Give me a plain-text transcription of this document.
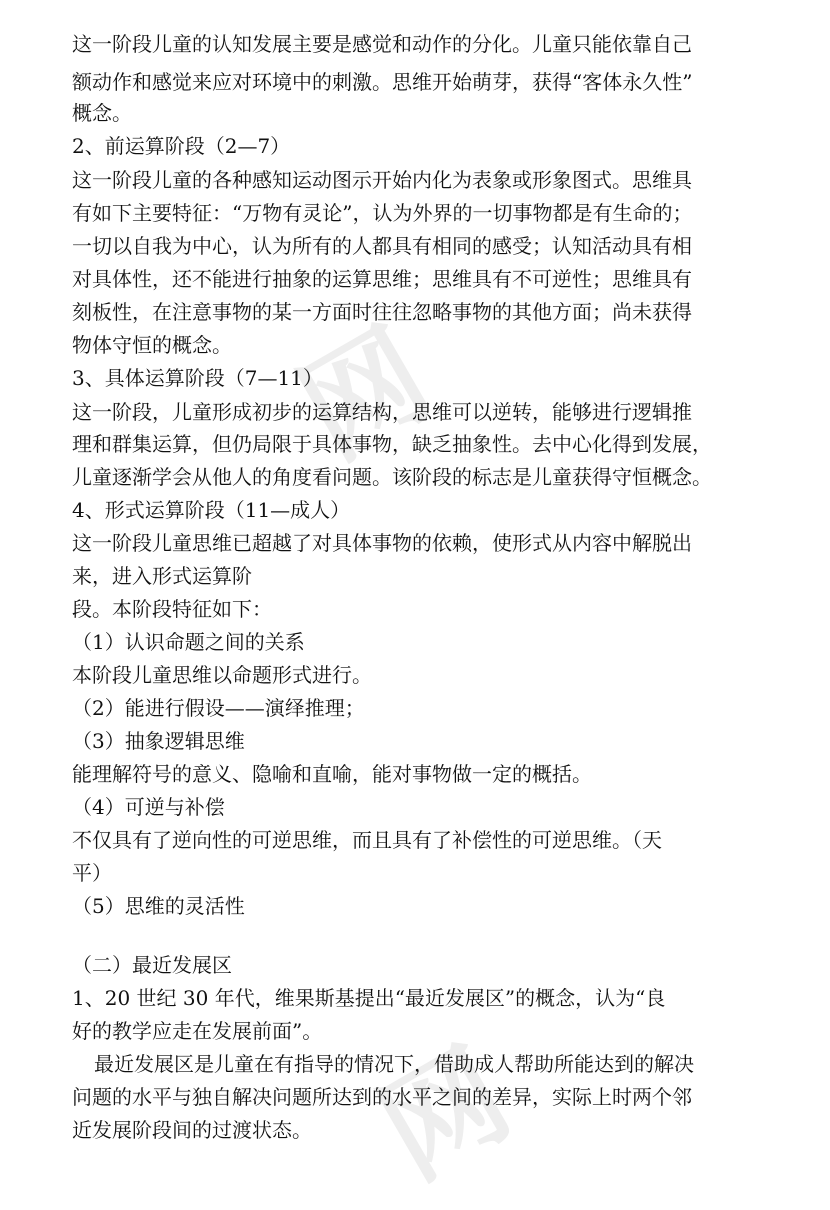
网
网

这一阶段儿童的认知发展主要是感觉和动作的分化。儿童只能依靠自己

额动作和感觉来应对环境中的刺激。思维开始萌芽，获得“客体永久性”

概念。

2、前运算阶段（2—7）

这一阶段儿童的各种感知运动图示开始内化为表象或形象图式。思维具

有如下主要特征：“万物有灵论”，认为外界的一切事物都是有生命的；

一切以自我为中心，认为所有的人都具有相同的感受；认知活动具有相

对具体性，还不能进行抽象的运算思维；思维具有不可逆性；思维具有

刻板性，在注意事物的某一方面时往往忽略事物的其他方面；尚未获得

物体守恒的概念。

3、具体运算阶段（7—11）

这一阶段，儿童形成初步的运算结构，思维可以逆转，能够进行逻辑推

理和群集运算，但仍局限于具体事物，缺乏抽象性。去中心化得到发展，

儿童逐渐学会从他人的角度看问题。该阶段的标志是儿童获得守恒概念。

4、形式运算阶段（11—成人）

这一阶段儿童思维已超越了对具体事物的依赖，使形式从内容中解脱出

来，进入形式运算阶

段。本阶段特征如下：

（1）认识命题之间的关系

本阶段儿童思维以命题形式进行。

（2）能进行假设——演绎推理；

（3）抽象逻辑思维

能理解符号的意义、隐喻和直喻，能对事物做一定的概括。

（4）可逆与补偿

不仅具有了逆向性的可逆思维，而且具有了补偿性的可逆思维。（天

平）

（5）思维的灵活性

（二）最近发展区

1、20 世纪 30 年代，维果斯基提出“最近发展区”的概念，认为“良

好的教学应走在发展前面”。

最近发展区是儿童在有指导的情况下，借助成人帮助所能达到的解决

问题的水平与独自解决问题所达到的水平之间的差异，实际上时两个邻

近发展阶段间的过渡状态。
